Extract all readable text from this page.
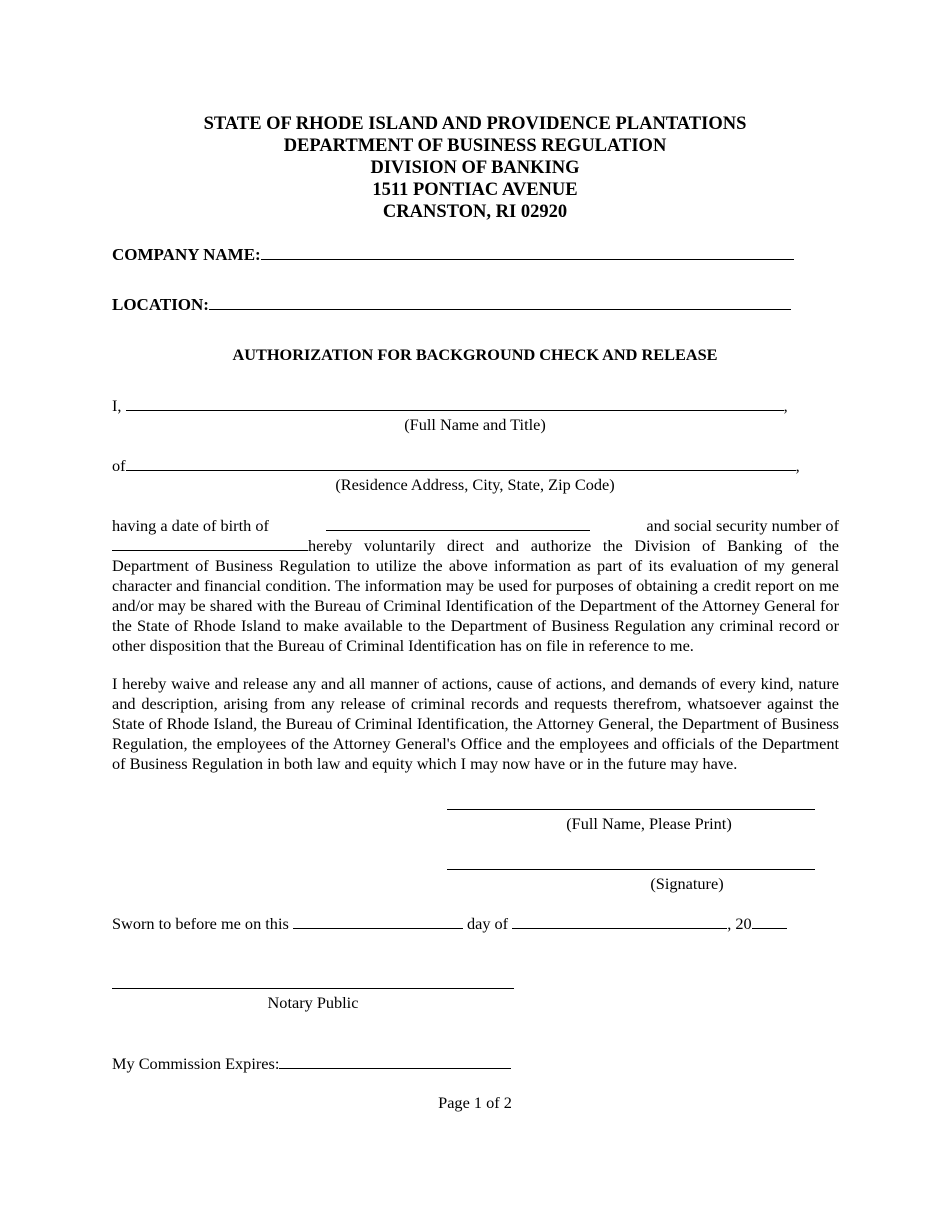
STATE OF RHODE ISLAND AND PROVIDENCE PLANTATIONS
DEPARTMENT OF BUSINESS REGULATION
DIVISION OF BANKING
1511 PONTIAC AVENUE
CRANSTON, RI 02920
COMPANY NAME:
LOCATION:
AUTHORIZATION FOR BACKGROUND CHECK AND RELEASE
I,	,
(Full Name and Title)
of	,
(Residence Address, City, State, Zip Code)
having a date of birth of	and social security number of
hereby voluntarily direct and authorize the Division of Banking of the Department of Business Regulation to utilize the above information as part of its evaluation of my general character and financial condition. The information may be used for purposes of obtaining a credit report on me and/or may be shared with the Bureau of Criminal Identification of the Department of the Attorney General for the State of Rhode Island to make available to the Department of Business Regulation any criminal record or other disposition that the Bureau of Criminal Identification has on file in reference to me.
I hereby waive and release any and all manner of actions, cause of actions, and demands of every kind, nature and description, arising from any release of criminal records and requests therefrom, whatsoever against the State of Rhode Island, the Bureau of Criminal Identification, the Attorney General, the Department of Business Regulation, the employees of the Attorney General's Office and the employees and officials of the Department of Business Regulation in both law and equity which I may now have or in the future may have.
(Full Name, Please Print)
(Signature)
Sworn to before me on this	day of	, 20
Notary Public
My Commission Expires:
Page 1 of 2
